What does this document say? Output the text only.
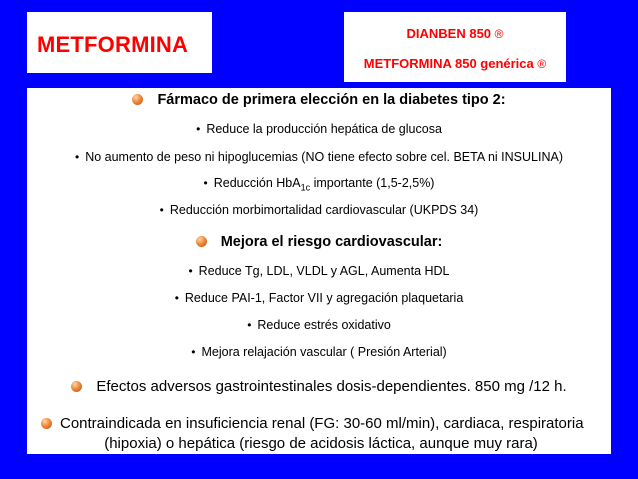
METFORMINA	DIANBEN 850 ®
METFORMINA 850 genérica ®
Fármaco de primera elección en la diabetes tipo 2:
• Reduce la producción hepática de glucosa
• No aumento de peso ni hipoglucemias (NO tiene efecto sobre cel. BETA ni INSULINA)
• Reducción HbA$_{1c}$ importante (1,5-2,5%)
• Reducción morbimortalidad cardiovascular (UKPDS 34)
Mejora el riesgo cardiovascular:
• Reduce Tg, LDL, VLDL y AGL, Aumenta HDL
• Reduce PAI-1, Factor VII y agregación plaquetaria
• Reduce estrés oxidativo
• Mejora relajación vascular ( Presión Arterial)
Efectos adversos gastrointestinales dosis-dependientes. 850 mg /12 h.
Contraindicada en insuficiencia renal (FG: 30-60 ml/min), cardiaca, respiratoria
(hipoxia) o hepática (riesgo de acidosis láctica, aunque muy rara)
